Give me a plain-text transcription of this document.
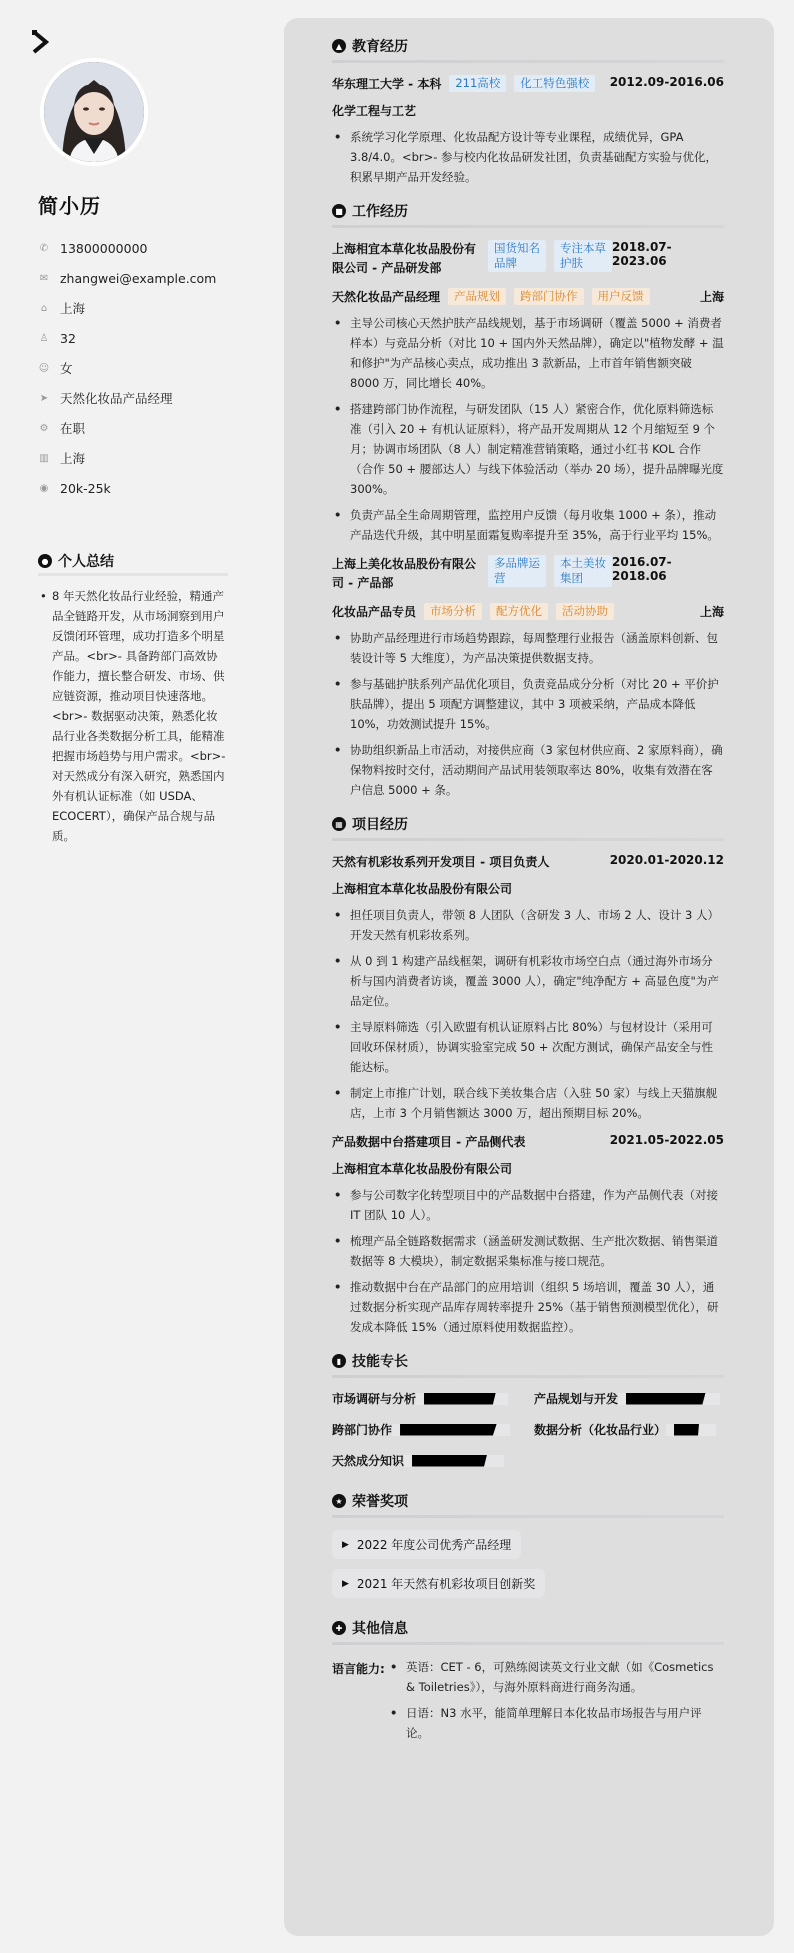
简小历
✆ 13800000000
✉ zhangwei@example.com
⌂ 上海
♙ 32
☺ 女
➤ 天然化妆品产品经理
⚙ 在职
▥ 上海
◉ 20k-25k
● 个人总结
• 8 年天然化妆品行业经验，精通产品全链路开发，从市场洞察到用户反馈闭环管理，成功打造多个明星产品。<br>- 具备跨部门高效协作能力，擅长整合研发、市场、供应链资源，推动项目快速落地。<br>- 数据驱动决策，熟悉化妆品行业各类数据分析工具，能精准把握市场趋势与用户需求。<br>- 对天然成分有深入研究，熟悉国内外有机认证标准（如 USDA、ECOCERT），确保产品合规与品质。
▲ 教育经历
华东理工大学 - 本科	211高校	化工特色强校	2012.09-2016.06
化学工程与工艺
• 系统学习化学原理、化妆品配方设计等专业课程，成绩优异，GPA 3.8/4.0。<br>- 参与校内化妆品研发社团，负责基础配方实验与优化，积累早期产品开发经验。
■ 工作经历
上海相宜本草化妆品股份有限公司 - 产品研发部
国货知名品牌
专注本草护肤
2018.07-2023.06
天然化妆品产品经理	产品规划	跨部门协作	用户反馈	上海
• 主导公司核心天然护肤产品线规划，基于市场调研（覆盖 5000 + 消费者样本）与竞品分析（对比 10 + 国内外天然品牌），确定以"植物发酵 + 温和修护"为产品核心卖点，成功推出 3 款新品，上市首年销售额突破 8000 万，同比增长 40%。
• 搭建跨部门协作流程，与研发团队（15 人）紧密合作，优化原料筛选标准（引入 20 + 有机认证原料），将产品开发周期从 12 个月缩短至 9 个月；协调市场团队（8 人）制定精准营销策略，通过小红书 KOL 合作（合作 50 + 腰部达人）与线下体验活动（举办 20 场），提升品牌曝光度 300%。
• 负责产品全生命周期管理，监控用户反馈（每月收集 1000 + 条），推动产品迭代升级，其中明星面霜复购率提升至 35%，高于行业平均 15%。
上海上美化妆品股份有限公司 - 产品部
多品牌运营
本土美妆集团
2016.07-2018.06
化妆品产品专员	市场分析	配方优化	活动协助	上海
• 协助产品经理进行市场趋势跟踪，每周整理行业报告（涵盖原料创新、包装设计等 5 大维度），为产品决策提供数据支持。
• 参与基础护肤系列产品优化项目，负责竞品成分分析（对比 20 + 平价护肤品牌），提出 5 项配方调整建议，其中 3 项被采纳，产品成本降低 10%，功效测试提升 15%。
• 协助组织新品上市活动，对接供应商（3 家包材供应商、2 家原料商），确保物料按时交付，活动期间产品试用装领取率达 80%，收集有效潜在客户信息 5000 + 条。
▦ 项目经历
天然有机彩妆系列开发项目 - 项目负责人	2020.01-2020.12
上海相宜本草化妆品股份有限公司
• 担任项目负责人，带领 8 人团队（含研发 3 人、市场 2 人、设计 3 人）开发天然有机彩妆系列。
• 从 0 到 1 构建产品线框架，调研有机彩妆市场空白点（通过海外市场分析与国内消费者访谈，覆盖 3000 人），确定"纯净配方 + 高显色度"为产品定位。
• 主导原料筛选（引入欧盟有机认证原料占比 80%）与包材设计（采用可回收环保材质），协调实验室完成 50 + 次配方测试，确保产品安全与性能达标。
• 制定上市推广计划，联合线下美妆集合店（入驻 50 家）与线上天猫旗舰店，上市 3 个月销售额达 3000 万，超出预期目标 20%。
产品数据中台搭建项目 - 产品侧代表	2021.05-2022.05
上海相宜本草化妆品股份有限公司
• 参与公司数字化转型项目中的产品数据中台搭建，作为产品侧代表（对接 IT 团队 10 人）。
• 梳理产品全链路数据需求（涵盖研发测试数据、生产批次数据、销售渠道数据等 8 大模块），制定数据采集标准与接口规范。
• 推动数据中台在产品部门的应用培训（组织 5 场培训，覆盖 30 人），通过数据分析实现产品库存周转率提升 25%（基于销售预测模型优化），研发成本降低 15%（通过原料使用数据监控）。
▮ 技能专长
市场调研与分析	产品规划与开发
跨部门协作	数据分析（化妆品行业）
天然成分知识
★ 荣誉奖项
▶ 2022 年度公司优秀产品经理
▶ 2021 年天然有机彩妆项目创新奖
✚ 其他信息
语言能力:
•	英语：CET - 6，可熟练阅读英文行业文献（如《Cosmetics & Toiletries》），与海外原料商进行商务沟通。
• 日语：N3 水平，能简单理解日本化妆品市场报告与用户评论。
